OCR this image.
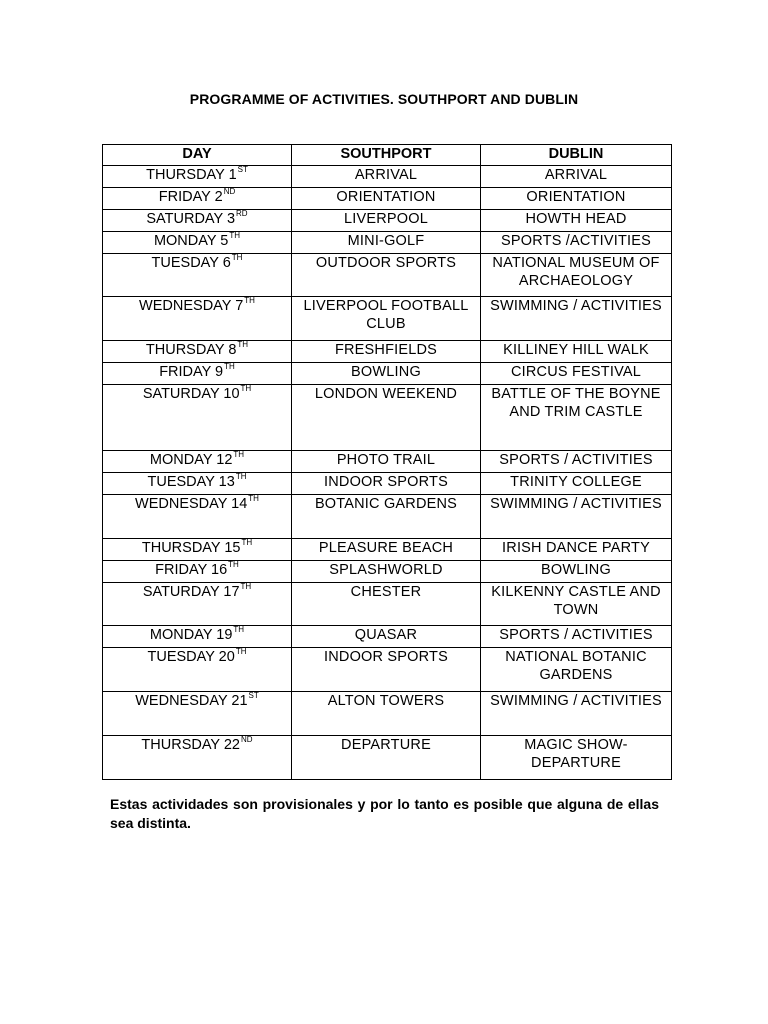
PROGRAMME OF ACTIVITIES. SOUTHPORT AND DUBLIN
DAY	SOUTHPORT	DUBLIN
THURSDAY 1ST	ARRIVAL	ARRIVAL
FRIDAY 2ND	ORIENTATION	ORIENTATION
SATURDAY 3RD	LIVERPOOL	HOWTH HEAD
MONDAY 5TH	MINI-GOLF	SPORTS /ACTIVITIES
TUESDAY 6TH	OUTDOOR SPORTS	NATIONAL MUSEUM OF ARCHAEOLOGY
WEDNESDAY 7TH	LIVERPOOL FOOTBALL CLUB	SWIMMING / ACTIVITIES
THURSDAY 8TH	FRESHFIELDS	KILLINEY HILL WALK
FRIDAY 9TH	BOWLING	CIRCUS FESTIVAL
SATURDAY 10TH	LONDON WEEKEND	BATTLE OF THE BOYNE AND TRIM CASTLE
MONDAY 12TH	PHOTO TRAIL	SPORTS / ACTIVITIES
TUESDAY 13TH	INDOOR SPORTS	TRINITY COLLEGE
WEDNESDAY 14TH	BOTANIC GARDENS	SWIMMING / ACTIVITIES
THURSDAY 15TH	PLEASURE BEACH	IRISH DANCE PARTY
FRIDAY 16TH	SPLASHWORLD	BOWLING
SATURDAY 17TH	CHESTER	KILKENNY CASTLE AND TOWN
MONDAY 19TH	QUASAR	SPORTS / ACTIVITIES
TUESDAY 20TH	INDOOR SPORTS	NATIONAL BOTANIC GARDENS
WEDNESDAY 21ST	ALTON TOWERS	SWIMMING / ACTIVITIES
THURSDAY 22ND	DEPARTURE	MAGIC SHOW- DEPARTURE
Estas actividades son provisionales y por lo tanto es posible que alguna de ellas sea distinta.
